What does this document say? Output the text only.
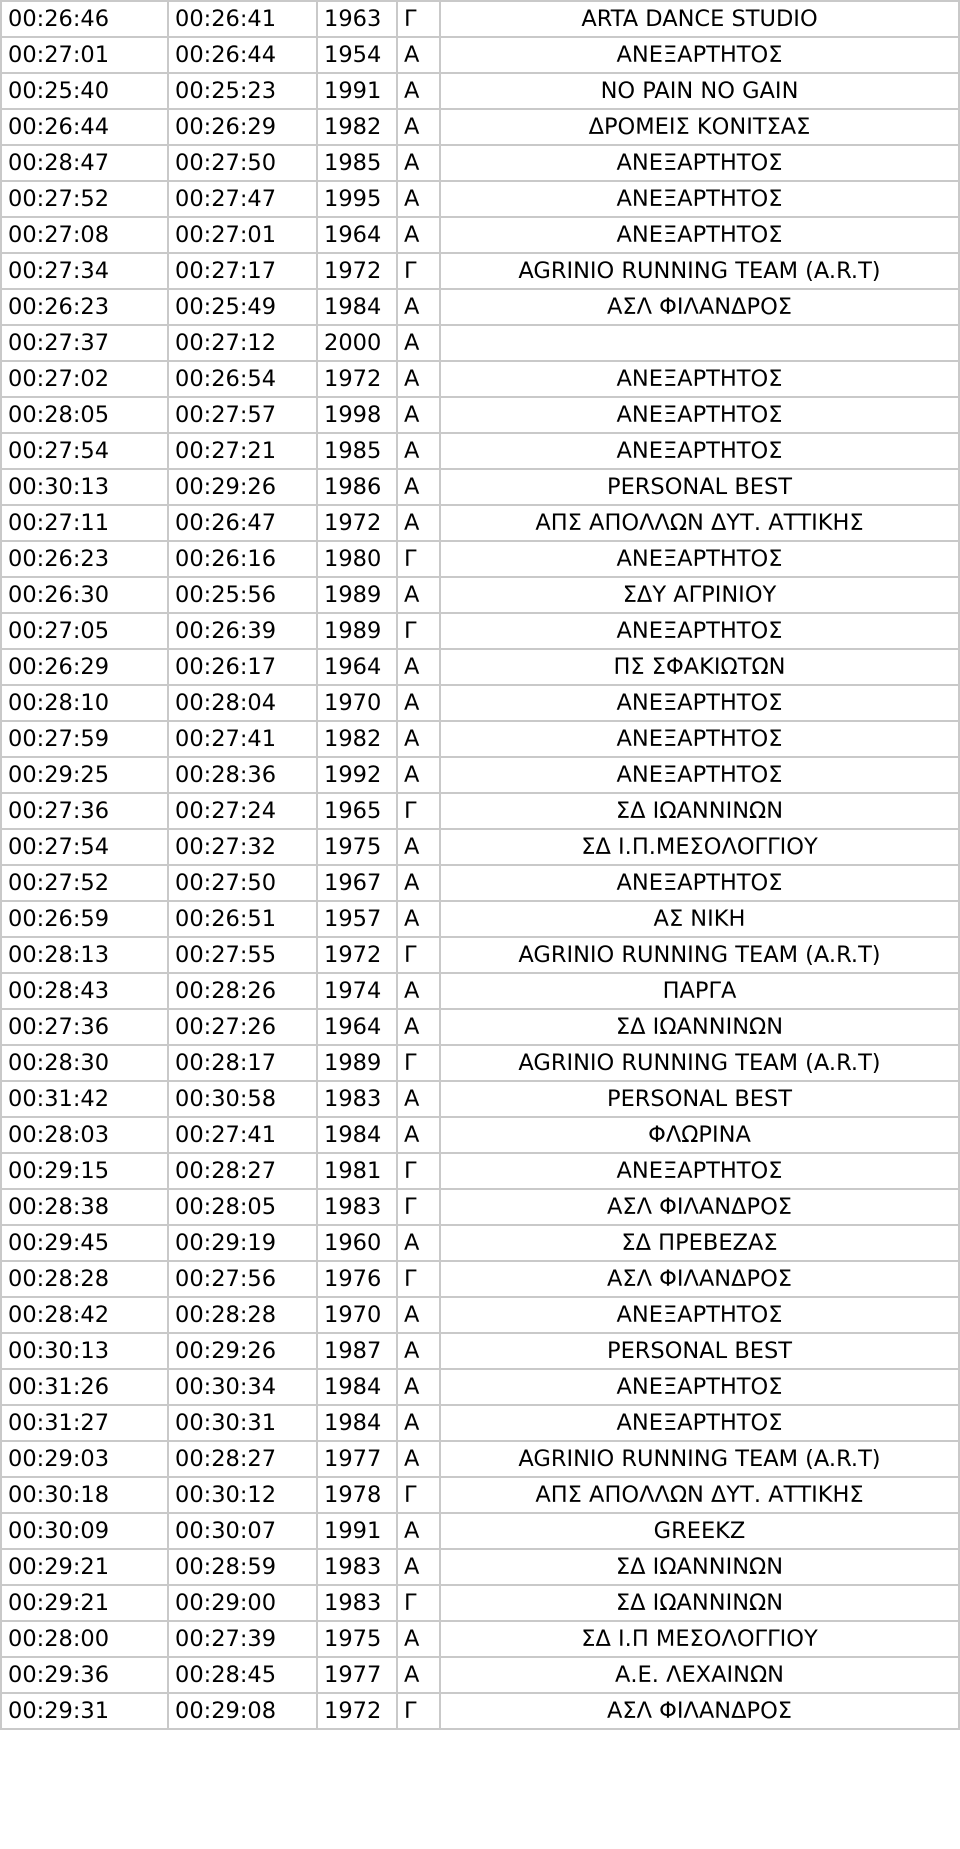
00:26:46	00:26:41	1963	Γ	ARTA DANCE STUDIO
00:27:01	00:26:44	1954	Α	ΑΝΕΞΑΡΤΗΤΟΣ
00:25:40	00:25:23	1991	Α	NO PAIN NO GAIN
00:26:44	00:26:29	1982	Α	ΔΡΟΜΕΙΣ ΚΟΝΙΤΣΑΣ
00:28:47	00:27:50	1985	Α	ΑΝΕΞΑΡΤΗΤΟΣ
00:27:52	00:27:47	1995	Α	ΑΝΕΞΑΡΤΗΤΟΣ
00:27:08	00:27:01	1964	Α	ΑΝΕΞΑΡΤΗΤΟΣ
00:27:34	00:27:17	1972	Γ	AGRINIO RUNNING TEAM (A.R.T)
00:26:23	00:25:49	1984	Α	ΑΣΛ ΦΙΛΑΝΔΡΟΣ
00:27:37	00:27:12	2000	Α	
00:27:02	00:26:54	1972	Α	ΑΝΕΞΑΡΤΗΤΟΣ
00:28:05	00:27:57	1998	Α	ΑΝΕΞΑΡΤΗΤΟΣ
00:27:54	00:27:21	1985	Α	ΑΝΕΞΑΡΤΗΤΟΣ
00:30:13	00:29:26	1986	Α	PERSONAL BEST
00:27:11	00:26:47	1972	Α	ΑΠΣ ΑΠΟΛΛΩΝ ΔΥΤ. ΑΤΤΙΚΗΣ
00:26:23	00:26:16	1980	Γ	ΑΝΕΞΑΡΤΗΤΟΣ
00:26:30	00:25:56	1989	Α	ΣΔΥ ΑΓΡΙΝΙΟΥ
00:27:05	00:26:39	1989	Γ	ΑΝΕΞΑΡΤΗΤΟΣ
00:26:29	00:26:17	1964	Α	ΠΣ ΣΦΑΚΙΩΤΩΝ
00:28:10	00:28:04	1970	Α	ΑΝΕΞΑΡΤΗΤΟΣ
00:27:59	00:27:41	1982	Α	ΑΝΕΞΑΡΤΗΤΟΣ
00:29:25	00:28:36	1992	Α	ΑΝΕΞΑΡΤΗΤΟΣ
00:27:36	00:27:24	1965	Γ	ΣΔ ΙΩΑΝΝΙΝΩΝ
00:27:54	00:27:32	1975	Α	ΣΔ Ι.Π.ΜΕΣΟΛΟΓΓΙΟΥ
00:27:52	00:27:50	1967	Α	ΑΝΕΞΑΡΤΗΤΟΣ
00:26:59	00:26:51	1957	Α	ΑΣ ΝΙΚΗ
00:28:13	00:27:55	1972	Γ	AGRINIO RUNNING TEAM (A.R.T)
00:28:43	00:28:26	1974	Α	ΠΑΡΓΑ
00:27:36	00:27:26	1964	Α	ΣΔ ΙΩΑΝΝΙΝΩΝ
00:28:30	00:28:17	1989	Γ	AGRINIO RUNNING TEAM (A.R.T)
00:31:42	00:30:58	1983	Α	PERSONAL BEST
00:28:03	00:27:41	1984	Α	ΦΛΩΡΙΝΑ
00:29:15	00:28:27	1981	Γ	ΑΝΕΞΑΡΤΗΤΟΣ
00:28:38	00:28:05	1983	Γ	ΑΣΛ ΦΙΛΑΝΔΡΟΣ
00:29:45	00:29:19	1960	Α	ΣΔ ΠΡΕΒΕΖΑΣ
00:28:28	00:27:56	1976	Γ	ΑΣΛ ΦΙΛΑΝΔΡΟΣ
00:28:42	00:28:28	1970	Α	ΑΝΕΞΑΡΤΗΤΟΣ
00:30:13	00:29:26	1987	Α	PERSONAL BEST
00:31:26	00:30:34	1984	Α	ΑΝΕΞΑΡΤΗΤΟΣ
00:31:27	00:30:31	1984	Α	ΑΝΕΞΑΡΤΗΤΟΣ
00:29:03	00:28:27	1977	Α	AGRINIO RUNNING TEAM (A.R.T)
00:30:18	00:30:12	1978	Γ	ΑΠΣ ΑΠΟΛΛΩΝ ΔΥΤ. ΑΤΤΙΚΗΣ
00:30:09	00:30:07	1991	Α	GREEKZ
00:29:21	00:28:59	1983	Α	ΣΔ ΙΩΑΝΝΙΝΩΝ
00:29:21	00:29:00	1983	Γ	ΣΔ ΙΩΑΝΝΙΝΩΝ
00:28:00	00:27:39	1975	Α	ΣΔ Ι.Π ΜΕΣΟΛΟΓΓΙΟΥ
00:29:36	00:28:45	1977	Α	Α.Ε. ΛΕΧΑΙΝΩΝ
00:29:31	00:29:08	1972	Γ	ΑΣΛ ΦΙΛΑΝΔΡΟΣ
